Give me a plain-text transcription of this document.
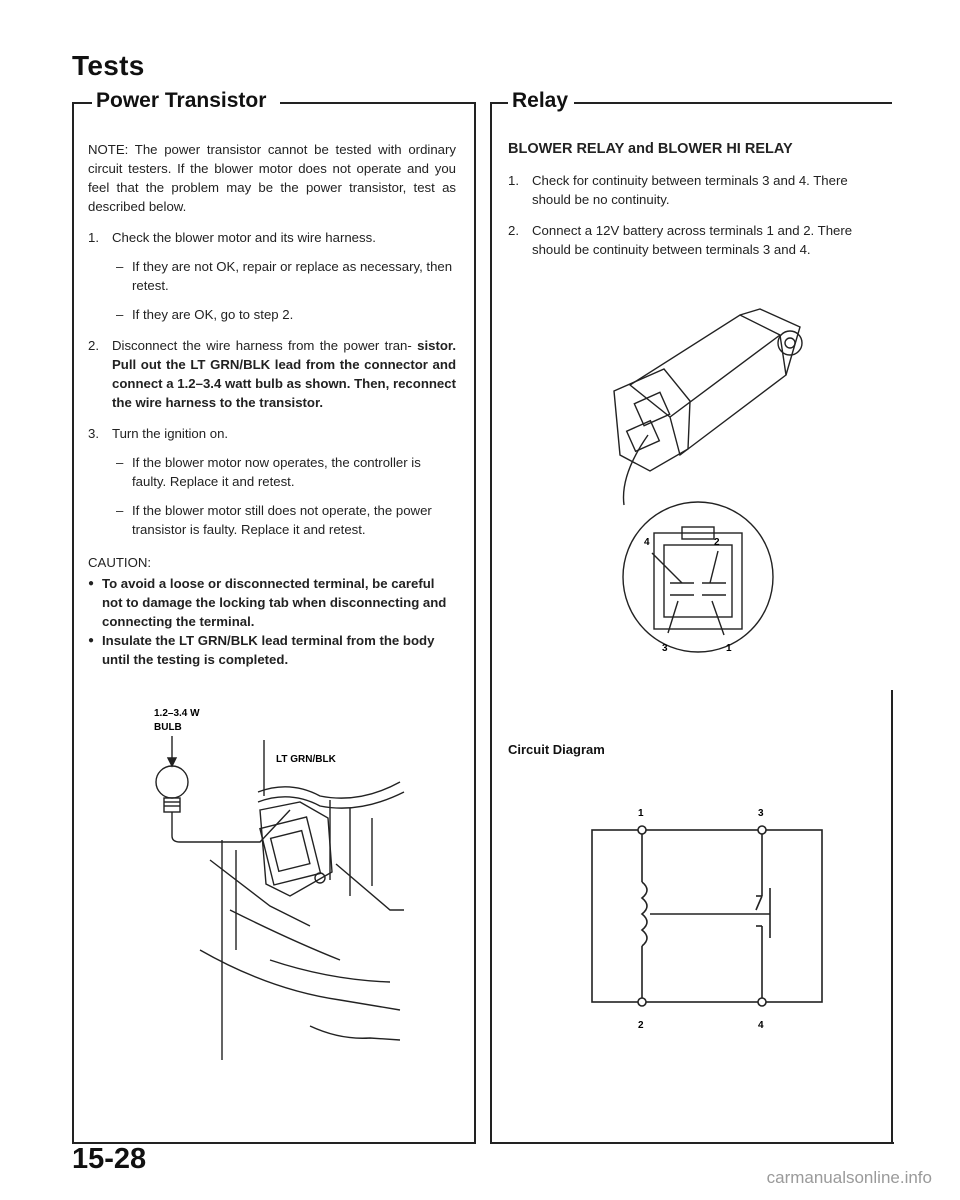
Tests
Power Transistor

NOTE: The power transistor cannot be tested with ordinary circuit testers. If the blower motor does not operate and you feel that the problem may be the power transistor, test as described below.

1. Check the blower motor and its wire harness.
– If they are not OK, repair or replace as necessary, then retest.
– If they are OK, go to step 2.
2. Disconnect the wire harness from the power tran- sistor. Pull out the LT GRN/BLK lead from the connector and connect a 1.2–3.4 watt bulb as shown. Then, reconnect the wire harness to the transistor.
3. Turn the ignition on.
– If the blower motor now operates, the controller is faulty. Replace it and retest.
– If the blower motor still does not operate, the power transistor is faulty. Replace it and retest.

CAUTION:

● To avoid a loose or disconnected terminal, be careful not to damage the locking tab when disconnecting and connecting the terminal.
● Insulate the LT GRN/BLK lead terminal from the body until the testing is completed.
1.2–3.4 W
BULB
LT GRN/BLK
Relay

BLOWER RELAY and BLOWER HI RELAY

1. Check for continuity between terminals 3 and 4. There should be no continuity.
2. Connect a 12V battery across terminals 1 and 2. There should be continuity between terminals 3 and 4.
4	2
3	1
Circuit Diagram
1	3
2	4
15-28
carmanualsonline.info
